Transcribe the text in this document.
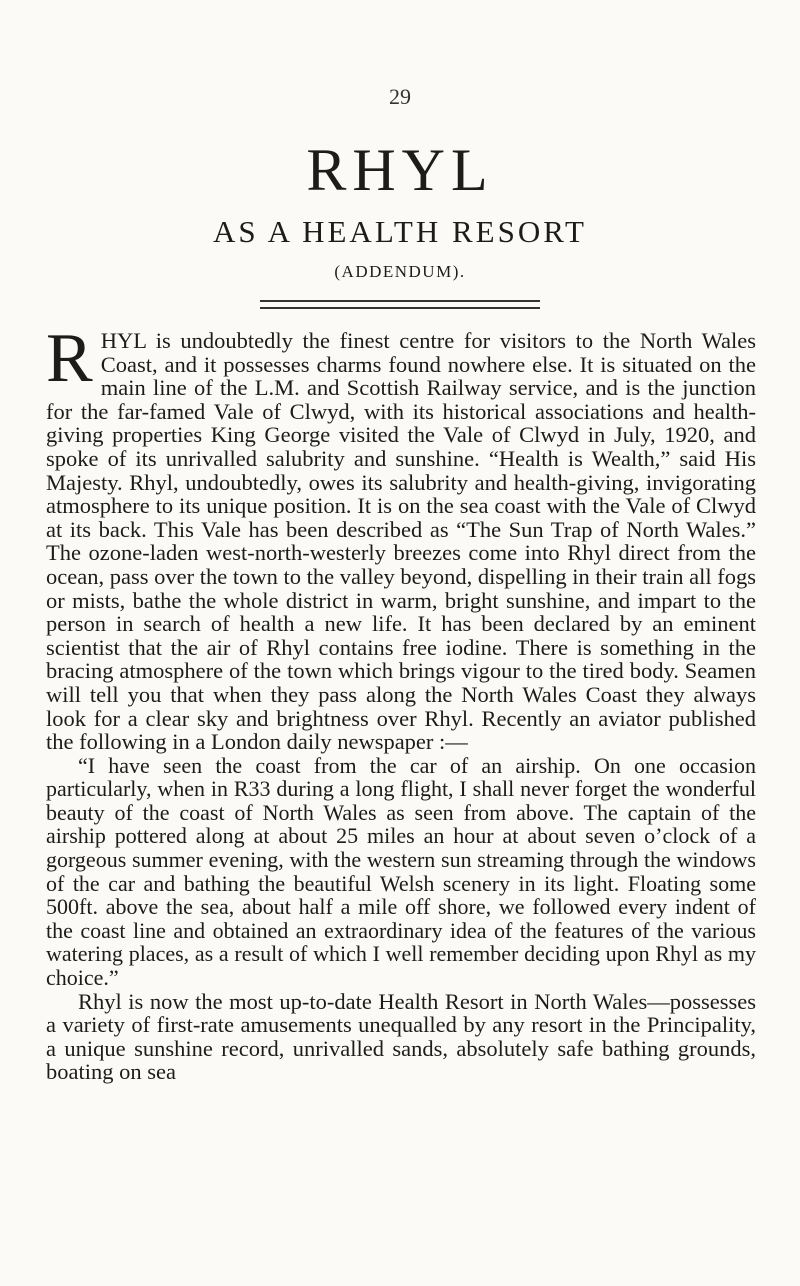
29
RHYL
AS A HEALTH RESORT
(ADDENDUM).

RHYL is undoubtedly the finest centre for visitors to the North Wales Coast, and it possesses charms found nowhere else. It is situated on the main line of the L.M. and Scottish Railway service, and is the junction for the far-famed Vale of Clwyd, with its historical associations and health-giving properties King George visited the Vale of Clwyd in July, 1920, and spoke of its unrivalled salubrity and sunshine. “Health is Wealth,” said His Majesty. Rhyl, undoubtedly, owes its salubrity and health-giving, invigorating atmosphere to its unique position. It is on the sea coast with the Vale of Clwyd at its back. This Vale has been described as “The Sun Trap of North Wales.” The ozone-laden west-north-westerly breezes come into Rhyl direct from the ocean, pass over the town to the valley beyond, dispelling in their train all fogs or mists, bathe the whole district in warm, bright sunshine, and impart to the person in search of health a new life. It has been declared by an eminent scientist that the air of Rhyl contains free iodine. There is something in the bracing atmosphere of the town which brings vigour to the tired body. Seamen will tell you that when they pass along the North Wales Coast they always look for a clear sky and brightness over Rhyl. Recently an aviator published the following in a London daily newspaper :—

“I have seen the coast from the car of an airship. On one occasion particularly, when in R33 during a long flight, I shall never forget the wonderful beauty of the coast of North Wales as seen from above. The captain of the airship pottered along at about 25 miles an hour at about seven o’clock of a gorgeous summer evening, with the western sun streaming through the windows of the car and bathing the beautiful Welsh scenery in its light. Floating some 500ft. above the sea, about half a mile off shore, we followed every indent of the coast line and obtained an extraordinary idea of the features of the various watering places, as a result of which I well remember deciding upon Rhyl as my choice.”

Rhyl is now the most up-to-date Health Resort in North Wales—possesses a variety of first-rate amusements unequalled by any resort in the Principality, a unique sunshine record, unrivalled sands, absolutely safe bathing grounds, boating on sea
